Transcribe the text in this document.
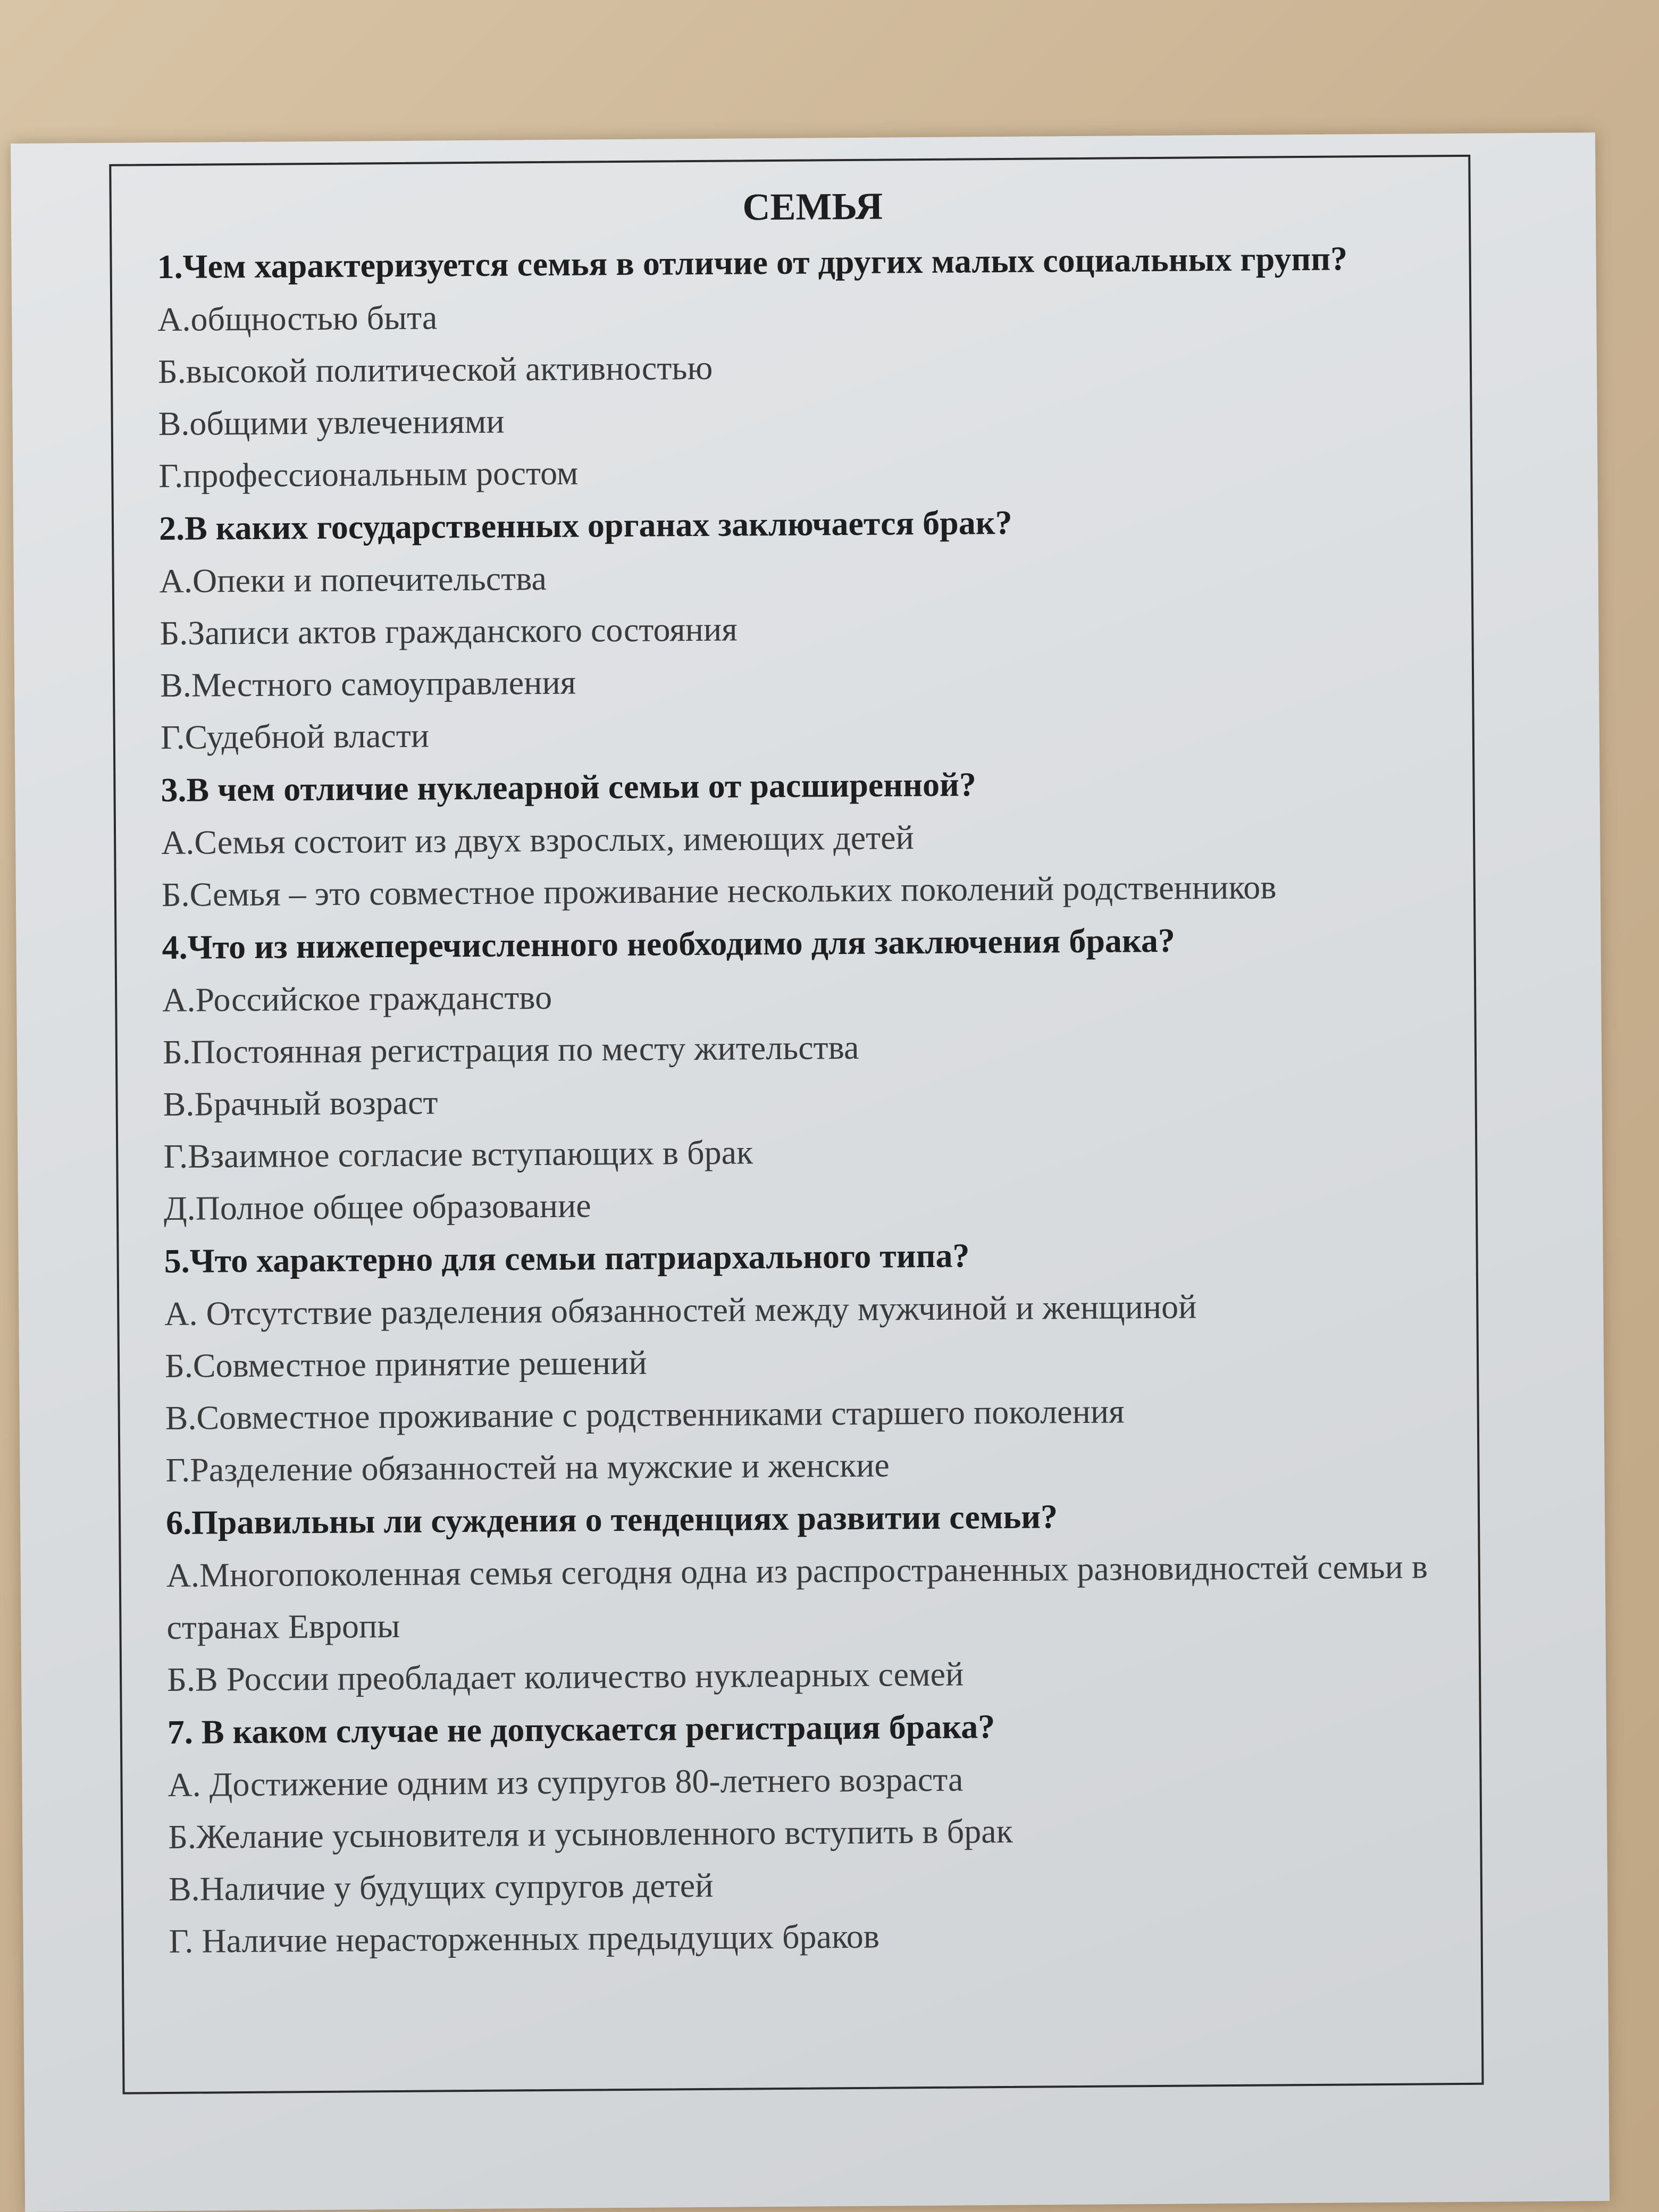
СЕМЬЯ

1.Чем характеризуется семья в отличие от других малых социальных групп?

А.общностью быта

Б.высокой политической активностью

В.общими увлечениями

Г.профессиональным ростом

2.В каких государственных органах заключается брак?

А.Опеки и попечительства

Б.Записи актов гражданского состояния

В.Местного самоуправления

Г.Судебной власти

3.В чем отличие нуклеарной семьи от расширенной?

А.Семья состоит из двух взрослых, имеющих детей

Б.Семья – это совместное проживание нескольких поколений родственников

4.Что из нижеперечисленного необходимо для заключения брака?

А.Российское гражданство

Б.Постоянная регистрация по месту жительства

В.Брачный возраст

Г.Взаимное согласие вступающих в брак

Д.Полное общее образование

5.Что характерно для семьи патриархального типа?

А. Отсутствие разделения обязанностей между мужчиной и женщиной

Б.Совместное принятие решений

В.Совместное проживание с родственниками старшего поколения

Г.Разделение обязанностей на мужские и женские

6.Правильны ли суждения о тенденциях развитии семьи?

А.Многопоколенная семья сегодня одна из распространенных разновидностей семьи в странах Европы

Б.В России преобладает количество нуклеарных семей

7. В каком случае не допускается регистрация брака?

А. Достижение одним из супругов 80-летнего возраста

Б.Желание усыновителя и усыновленного вступить в брак

В.Наличие у будущих супругов детей

Г. Наличие нерасторженных предыдущих браков
